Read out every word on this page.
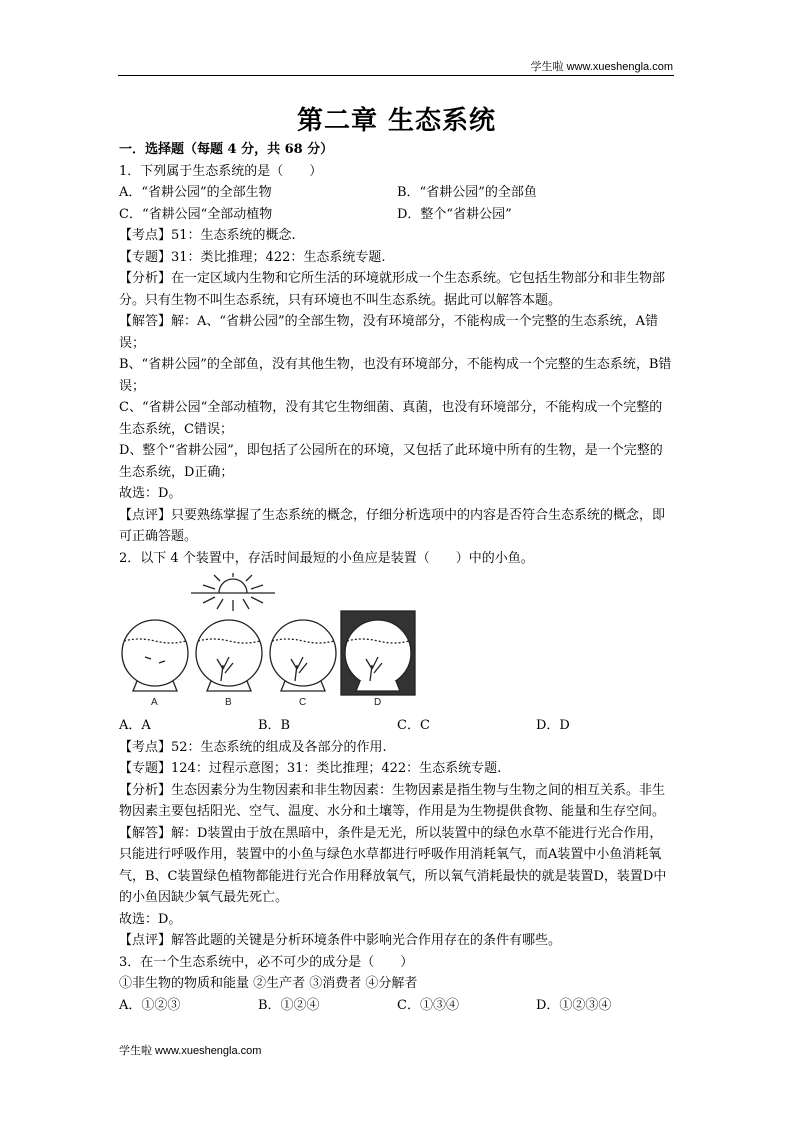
学生啦 www.xueshengla.com
第二章 生态系统

一．选择题（每题 4 分，共 68 分）

1．下列属于生态系统的是（　　）

A．“省耕公园”的全部生物	B．“省耕公园”的全部鱼
C．“省耕公园“全部动植物	D．整个“省耕公园”

【考点】51：生态系统的概念.

【专题】31：类比推理；422：生态系统专题.

【分析】在一定区域内生物和它所生活的环境就形成一个生态系统。它包括生物部分和非生物部分。只有生物不叫生态系统，只有环境也不叫生态系统。据此可以解答本题。

【解答】解：A、“省耕公园”的全部生物，没有环境部分，不能构成一个完整的生态系统，A错误；

B、“省耕公园”的全部鱼，没有其他生物，也没有环境部分，不能构成一个完整的生态系统，B错误；

C、“省耕公园“全部动植物，没有其它生物细菌、真菌，也没有环境部分，不能构成一个完整的生态系统，C错误；

D、整个“省耕公园”，即包括了公园所在的环境，又包括了此环境中所有的生物，是一个完整的生态系统，D正确；

故选：D。

【点评】只要熟练掌握了生态系统的概念，仔细分析选项中的内容是否符合生态系统的概念，即可正确答题。

2．以下 4 个装置中，存活时间最短的小鱼应是装置（　　）中的小鱼。

A	B	C	D
A．A	B．B	C．C	D．D

【考点】52：生态系统的组成及各部分的作用.

【专题】124：过程示意图；31：类比推理；422：生态系统专题.

【分析】生态因素分为生物因素和非生物因素：生物因素是指生物与生物之间的相互关系。非生物因素主要包括阳光、空气、温度、水分和土壤等，作用是为生物提供食物、能量和生存空间。

【解答】解：D装置由于放在黑暗中，条件是无光，所以装置中的绿色水草不能进行光合作用，只能进行呼吸作用，装置中的小鱼与绿色水草都进行呼吸作用消耗氧气，而A装置中小鱼消耗氧气，B、C装置绿色植物都能进行光合作用释放氧气，所以氧气消耗最快的就是装置D，装置D中的小鱼因缺少氧气最先死亡。

故选：D。

【点评】解答此题的关键是分析环境条件中影响光合作用存在的条件有哪些。

3．在一个生态系统中，必不可少的成分是（　　）

①非生物的物质和能量 ②生产者 ③消费者 ④分解者

A．①②③	B．①②④	C．①③④	D．①②③④
学生啦 www.xueshengla.com
